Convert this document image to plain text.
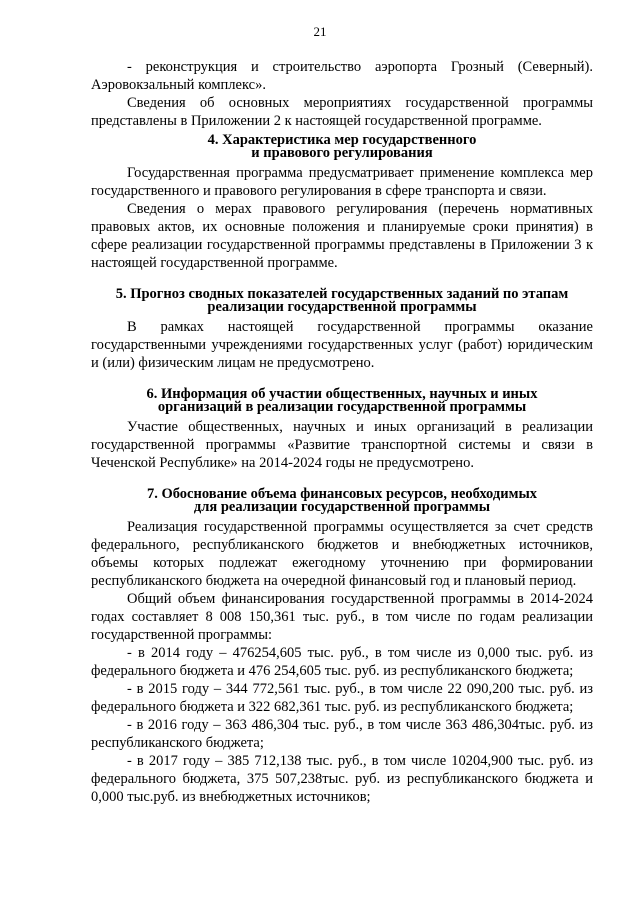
21

- реконструкция и строительство аэропорта Грозный (Северный). Аэровокзальный комплекс».

Сведения об основных мероприятиях государственной программы представлены в Приложении 2 к настоящей государственной программе.

4. Характеристика мер государственного
и правового регулирования

Государственная программа предусматривает применение комплекса мер государственного и правового регулирования в сфере транспорта и связи.

Сведения о мерах правового регулирования (перечень нормативных правовых актов, их основные положения и планируемые сроки принятия) в сфере реализации государственной программы представлены в Приложении 3 к настоящей государственной программе.

5. Прогноз сводных показателей государственных заданий по этапам
реализации государственной программы

В рамках настоящей государственной программы оказание государственными учреждениями государственных услуг (работ) юридическим и (или) физическим лицам не предусмотрено.

6. Информация об участии общественных, научных и иных
организаций в реализации государственной программы

Участие общественных, научных и иных организаций в реализации государственной программы «Развитие транспортной системы и связи в Чеченской Республике» на 2014-2024 годы не предусмотрено.

7. Обоснование объема финансовых ресурсов, необходимых
для реализации государственной программы

Реализация государственной программы осуществляется за счет средств федерального, республиканского бюджетов и внебюджетных источников, объемы которых подлежат ежегодному уточнению при формировании республиканского бюджета на очередной финансовый год и плановый период.

Общий объем финансирования государственной программы в 2014-2024 годах составляет 8 008 150,361 тыс. руб., в том числе по годам реализации государственной программы:

- в 2014 году – 476254,605 тыс. руб., в том числе из 0,000 тыс. руб. из федерального бюджета и 476 254,605 тыс. руб. из республиканского бюджета;

- в 2015 году – 344 772,561 тыс. руб., в том числе 22 090,200 тыс. руб. из федерального бюджета и 322 682,361 тыс. руб. из республиканского бюджета;

- в 2016 году – 363 486,304 тыс. руб., в том числе 363 486,304тыс. руб. из республиканского бюджета;

- в 2017 году – 385 712,138 тыс. руб., в том числе 10204,900 тыс. руб. из федерального бюджета, 375 507,238тыс. руб. из республиканского бюджета и 0,000 тыс.руб. из внебюджетных источников;
